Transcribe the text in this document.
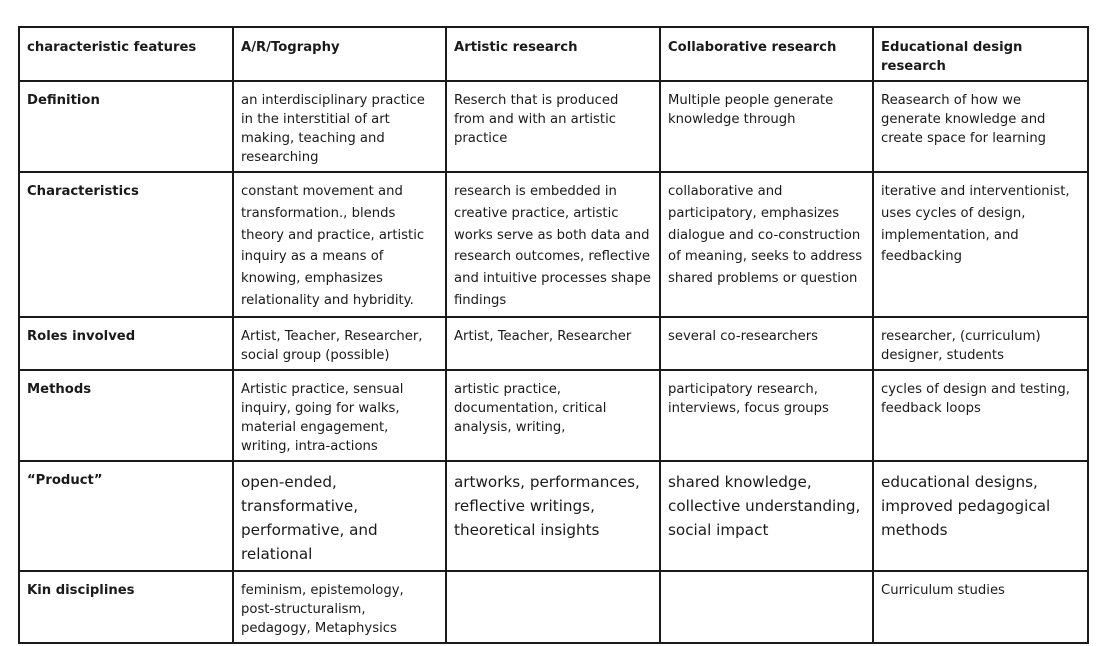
characteristic features	A/R/Tography	Artistic research	Collaborative research	Educational design research
Definition	an interdisciplinary practice in the interstitial of art making, teaching and researching	Reserch that is produced from and with an artistic practice	Multiple people generate knowledge through	Reasearch of how we generate knowledge and create space for learning
Characteristics	constant movement and transformation., blends theory and practice, artistic inquiry as a means of knowing, emphasizes relationality and hybridity.	research is embedded in creative practice, artistic works serve as both data and research outcomes, reflective and intuitive processes shape findings	collaborative and participatory, emphasizes dialogue and co-construction of meaning, seeks to address shared problems or question	iterative and interventionist, uses cycles of design, implementation, and feedbacking
Roles involved	Artist, Teacher, Researcher, social group (possible)	Artist, Teacher, Researcher	several co-researchers	researcher, (curriculum) designer, students
Methods	Artistic practice, sensual inquiry, going for walks, material engagement, writing, intra-actions	artistic practice, documentation, critical analysis, writing,	participatory research, interviews, focus groups	cycles of design and testing, feedback loops
“Product”	open-ended, transformative, performative, and relational	artworks, performances, reflective writings, theoretical insights	shared knowledge, collective understanding, social impact	educational designs, improved pedagogical methods
Kin disciplines	feminism, epistemology, post-structuralism, pedagogy, Metaphysics			Curriculum studies
